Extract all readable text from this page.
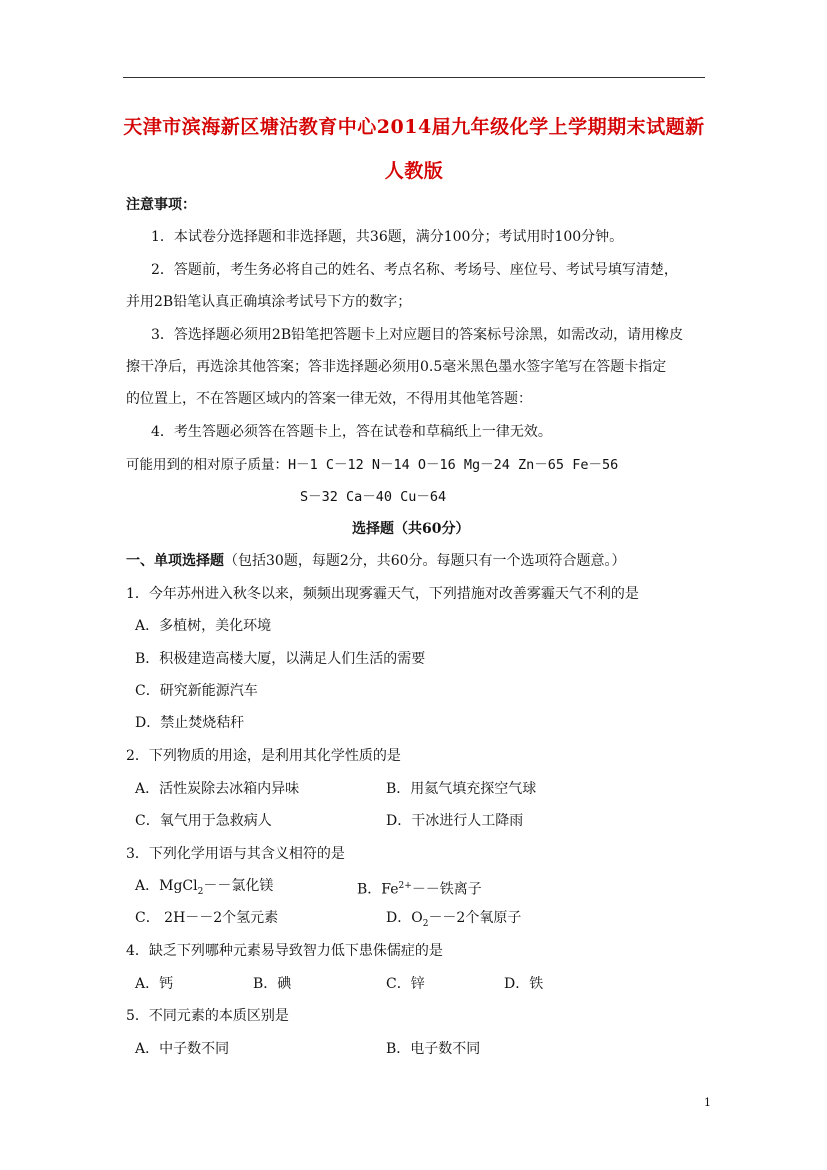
天津市滨海新区塘沽教育中心2014届九年级化学上学期期末试题新
人教版
注意事项：
1．本试卷分选择题和非选择题，共36题，满分100分；考试用时100分钟。
2．答题前，考生务必将自己的姓名、考点名称、考场号、座位号、考试号填写清楚，
并用2B铅笔认真正确填涂考试号下方的数字；
3．答选择题必须用2B铅笔把答题卡上对应题目的答案标号涂黑，如需改动，请用橡皮
擦干净后，再选涂其他答案；答非选择题必须用0.5毫米黑色墨水签字笔写在答题卡指定
的位置上，不在答题区域内的答案一律无效，不得用其他笔答题：
4．考生答题必须答在答题卡上，答在试卷和草稿纸上一律无效。
可能用到的相对原子质量：H－1 C－12 N－14 O－16 Mg－24 Zn－65 Fe－56
S－32 Ca－40 Cu－64
选择题（共60分）
一、单项选择题（包括30题，每题2分，共60分。每题只有一个选项符合题意。）
1．今年苏州进入秋冬以来，频频出现雾霾天气，下列措施对改善雾霾天气不利的是
A．多植树，美化环境
B．积极建造高楼大厦，以满足人们生活的需要
C．研究新能源汽车
D．禁止焚烧秸秆
2．下列物质的用途，是利用其化学性质的是
A．活性炭除去冰箱内异味	B．用氦气填充探空气球
C．氧气用于急救病人	D．干冰进行人工降雨
3．下列化学用语与其含义相符的是
A．MgCl$_2$－－氯化镁	B．$Fe^{2+}--$铁离子
C． 2H－－2个氢元素	D．$O_2--2$个氧原子
4．缺乏下列哪种元素易导致智力低下患侏儒症的是
A．钙	B．碘	C．锌	D．铁
5．不同元素的本质区别是
A．中子数不同	B．电子数不同
1
